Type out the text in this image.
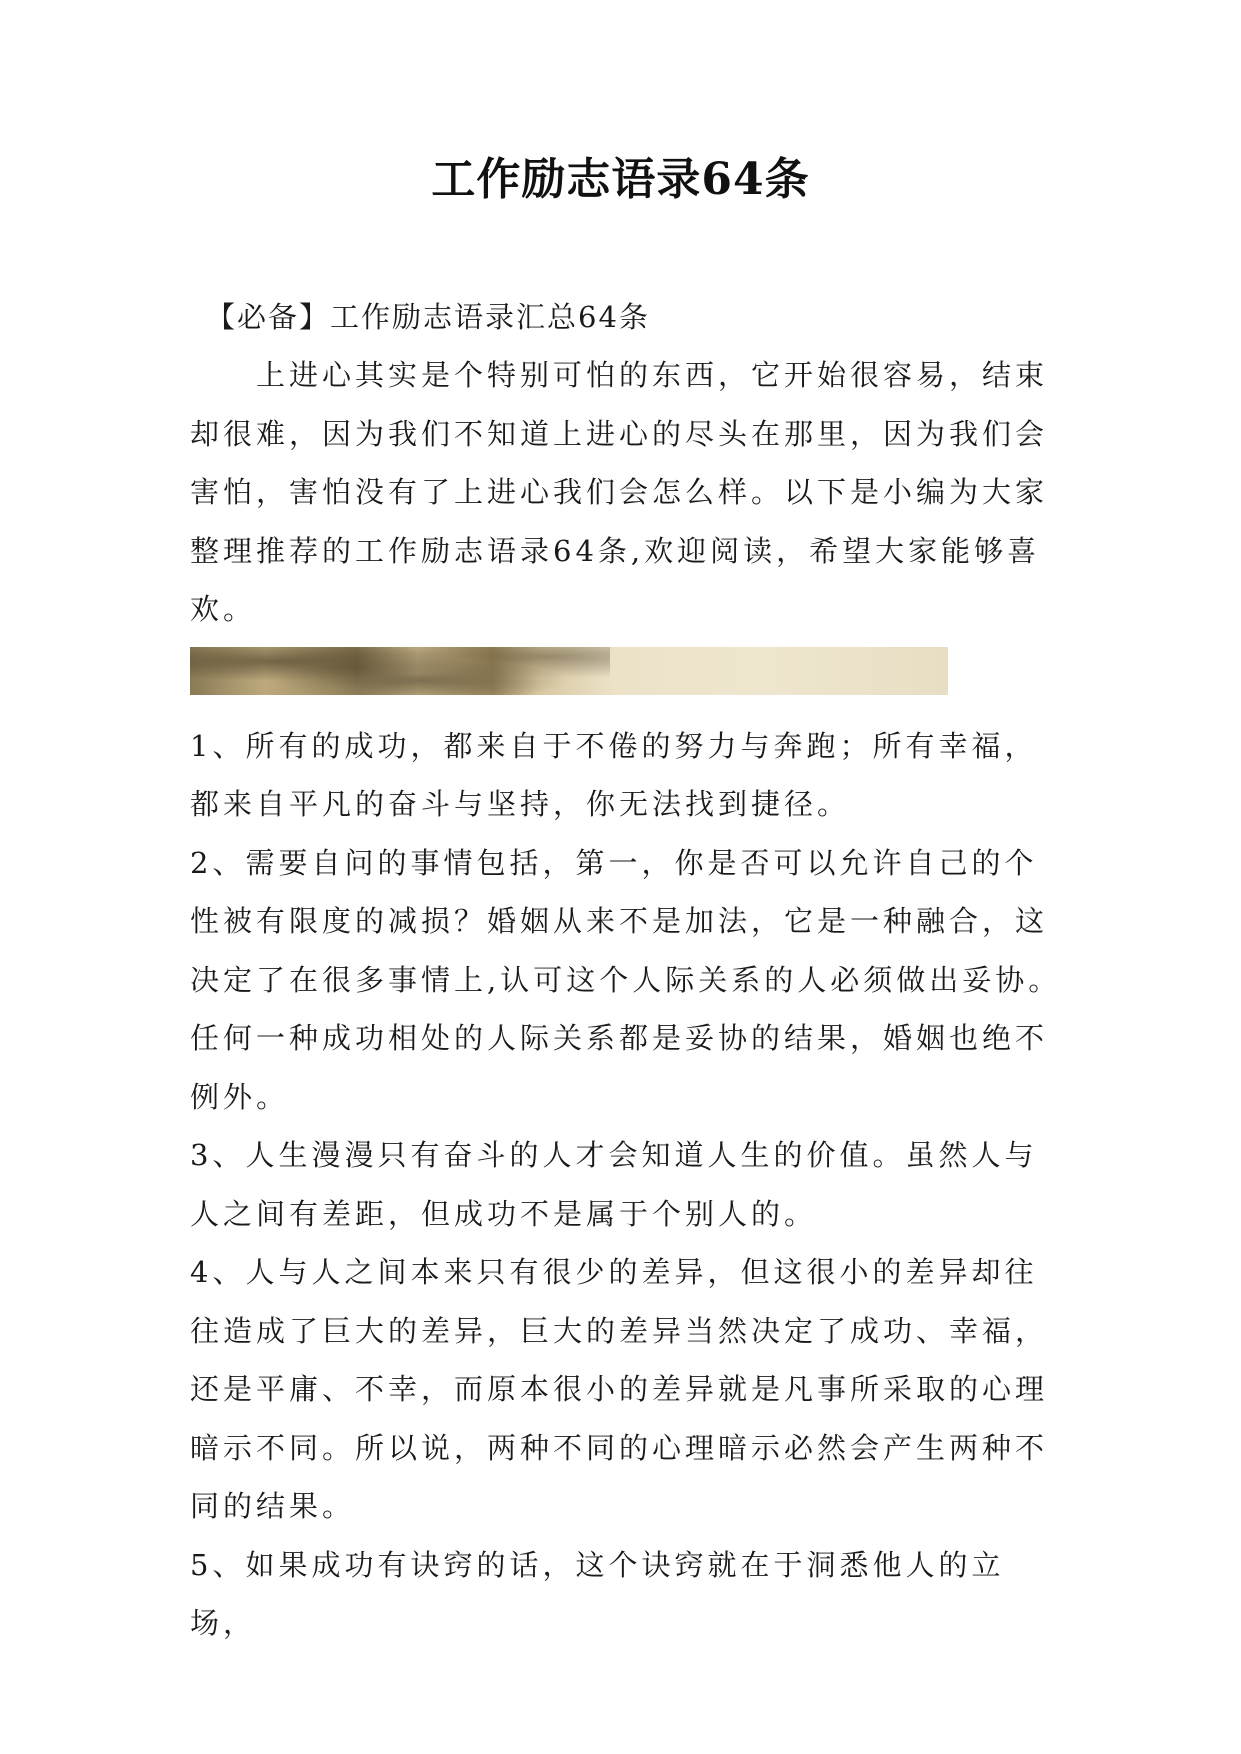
工作励志语录64条

【必备】工作励志语录汇总64条

上进心其实是个特别可怕的东西，它开始很容易，结束却很难，因为我们不知道上进心的尽头在那里，因为我们会害怕，害怕没有了上进心我们会怎么样。以下是小编为大家整理推荐的工作励志语录64条,欢迎阅读，希望大家能够喜欢。

1、所有的成功，都来自于不倦的努力与奔跑；所有幸福，都来自平凡的奋斗与坚持，你无法找到捷径。

2、需要自问的事情包括，第一，你是否可以允许自己的个性被有限度的减损？婚姻从来不是加法，它是一种融合，这决定了在很多事情上,认可这个人际关系的人必须做出妥协。任何一种成功相处的人际关系都是妥协的结果，婚姻也绝不例外。

3、人生漫漫只有奋斗的人才会知道人生的价值。虽然人与人之间有差距，但成功不是属于个别人的。

4、人与人之间本来只有很少的差异，但这很小的差异却往往造成了巨大的差异，巨大的差异当然决定了成功、幸福，还是平庸、不幸，而原本很小的差异就是凡事所采取的心理暗示不同。所以说，两种不同的心理暗示必然会产生两种不同的结果。

5、如果成功有诀窍的话，这个诀窍就在于洞悉他人的立场，
